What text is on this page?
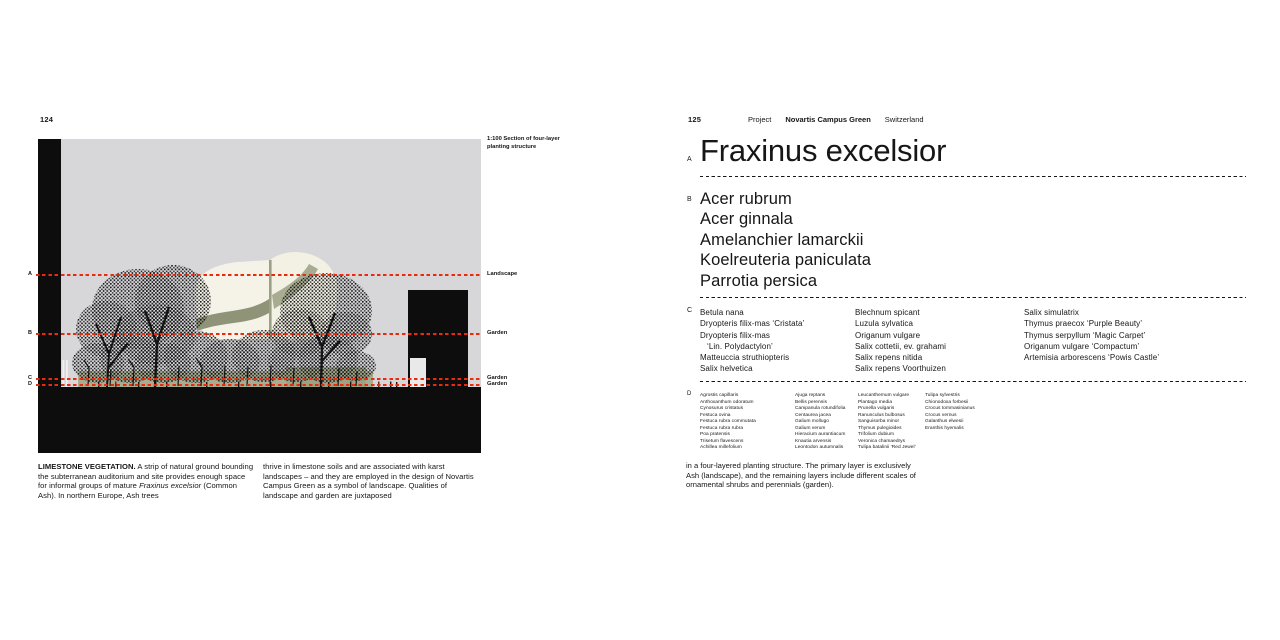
124
1:100 Section of four-layer planting structure
A
B
C
D
Landscape
Garden
Garden
Garden
LIMESTONE VEGETATION. A strip of natural ground bounding the subterranean auditorium and site provides enough space for informal groups of mature Fraxinus excelsior (Common Ash). In northern Europe, Ash trees
thrive in limestone soils and are associated with karst landscapes – and they are employed in the design of Novartis Campus Green as a symbol of landscape. Qualities of landscape and garden are juxtaposed
125	Project Novartis Campus Green Switzerland
A Fraxinus excelsior
B Acer rubrum
Acer ginnala
Amelanchier lamarckii
Koelreuteria paniculata
Parrotia persica
C Betula nana
Dryopteris filix-mas ‘Cristata’
Dryopteris filix-mas
‘Lin. Polydactylon’
Matteuccia struthiopteris
Salix helvetica
Blechnum spicant
Luzula sylvatica
Origanum vulgare
Salix cottetii, ev. grahami
Salix repens nitida
Salix repens Voorthuizen
Salix simulatrix
Thymus praecox ‘Purple Beauty’
Thymus serpyllum ‘Magic Carpet’
Origanum vulgare ‘Compactum’
Artemisia arborescens ‘Powis Castle’
D Agrostis capillaris
Anthoxanthum odoratum
Cynosurus cristatus
Festuca ovina
Festuca rubra commutata
Festuca rubra rubra
Poa pratensis
Trisetum flavescens
Achillea millefolium
Ajuga reptans
Bellis perennis
Campanula rotundifolia
Centaurea jacea
Galium mollugo
Galium verum
Hieracium aurantiacum
Knautia arvensis
Leontodon autumnalis
Leucanthemum vulgare
Plantago media
Prunella vulgaris
Ranunculus bulbosus
Sanguisorba minor
Thymus pulegioides
Trifolium dubium
Veronica chamaedrys
Tulipa batalinii ‘Red Jewel’
Tulipa sylvestris
Chionodoxa forbesii
Crocus tommasinianus
Crocus vernus
Galanthus elwesii
Eranthis hyemalis
in a four-layered planting structure. The primary layer is exclusively Ash (landscape), and the remaining layers include different scales of ornamental shrubs and perennials (garden).
